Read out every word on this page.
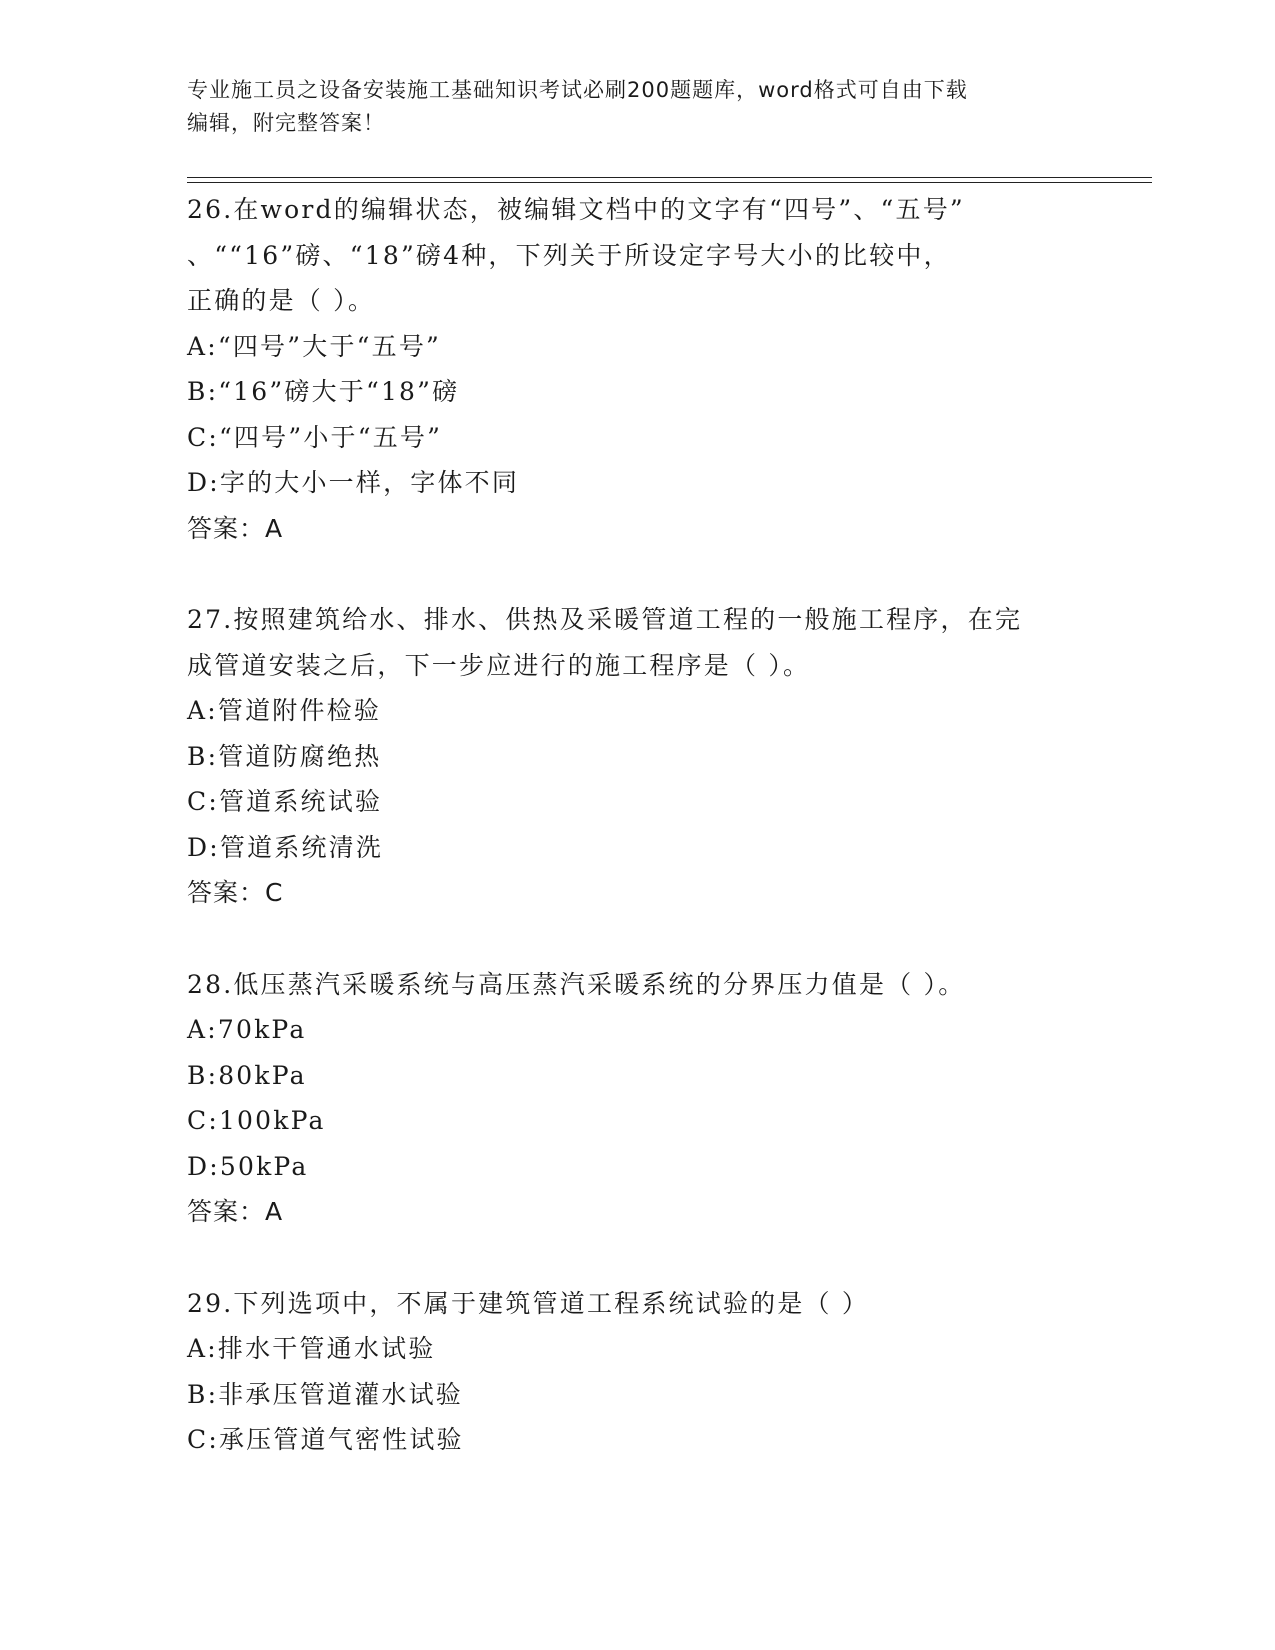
专业施工员之设备安装施工基础知识考试必刷200题题库，word格式可自由下载
编辑，附完整答案！
26.在word的编辑状态，被编辑文档中的文字有“四号”、“五号”
、““16”磅、“18”磅4种，下列关于所设定字号大小的比较中，
正确的是（ ）。
A:“四号”大于“五号”
B:“16”磅大于“18”磅
C:“四号”小于“五号”
D:字的大小一样，字体不同
答案：A
27.按照建筑给水、排水、供热及采暖管道工程的一般施工程序，在完
成管道安装之后，下一步应进行的施工程序是（ ）。
A:管道附件检验
B:管道防腐绝热
C:管道系统试验
D:管道系统清洗
答案：C
28.低压蒸汽采暖系统与高压蒸汽采暖系统的分界压力值是（ ）。
A:70kPa
B:80kPa
C:100kPa
D:50kPa
答案：A
29.下列选项中，不属于建筑管道工程系统试验的是（ ）
A:排水干管通水试验
B:非承压管道灌水试验
C:承压管道气密性试验
